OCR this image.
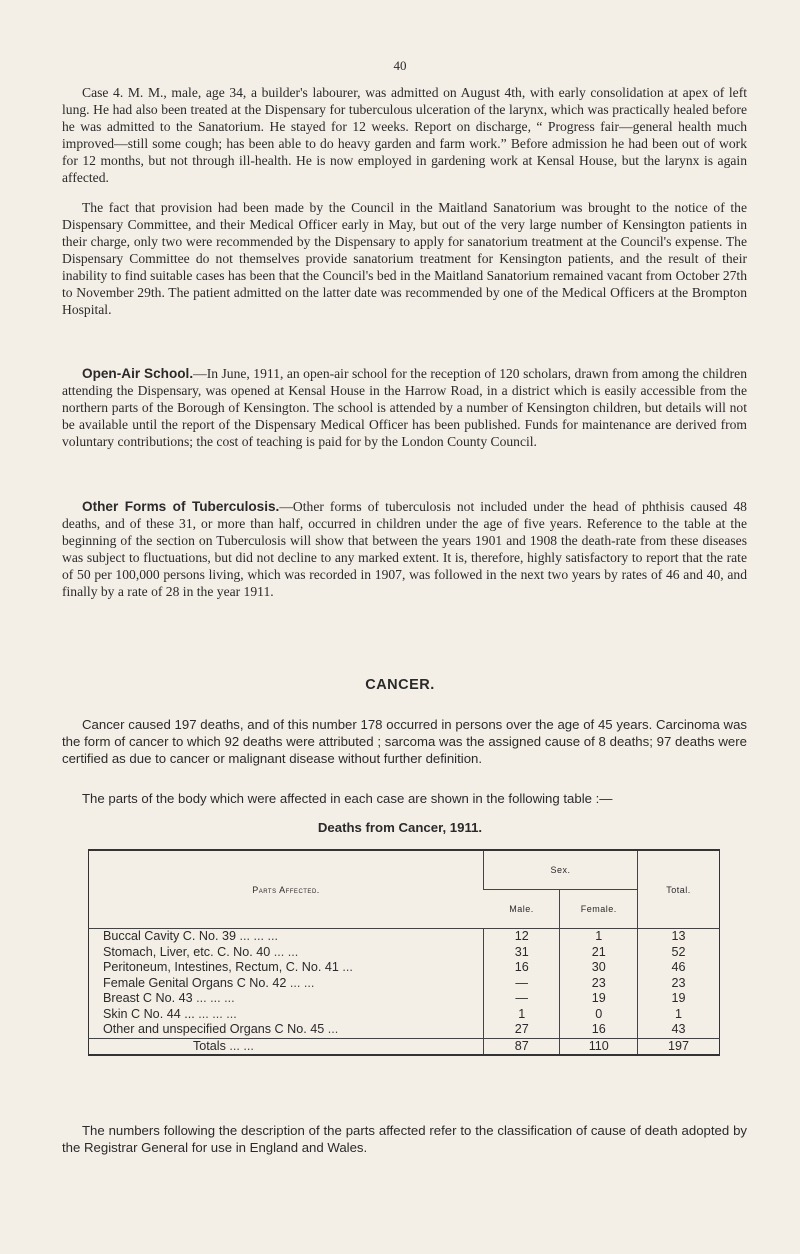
40

Case 4. M. M., male, age 34, a builder's labourer, was admitted on August 4th, with early consolidation at apex of left lung. He had also been treated at the Dispensary for tuberculous ulceration of the larynx, which was practically healed before he was admitted to the Sanatorium. He stayed for 12 weeks. Report on discharge, “ Progress fair—general health much improved—still some cough; has been able to do heavy garden and farm work.” Before admission he had been out of work for 12 months, but not through ill-health. He is now employed in gardening work at Kensal House, but the larynx is again affected.

The fact that provision had been made by the Council in the Maitland Sanatorium was brought to the notice of the Dispensary Committee, and their Medical Officer early in May, but out of the very large number of Kensington patients in their charge, only two were recommended by the Dispensary to apply for sanatorium treatment at the Council's expense. The Dispensary Committee do not themselves provide sanatorium treatment for Kensington patients, and the result of their inability to find suitable cases has been that the Council's bed in the Maitland Sanatorium remained vacant from October 27th to November 29th. The patient admitted on the latter date was recommended by one of the Medical Officers at the Brompton Hospital.

Open-Air School.—In June, 1911, an open-air school for the reception of 120 scholars, drawn from among the children attending the Dispensary, was opened at Kensal House in the Harrow Road, in a district which is easily accessible from the northern parts of the Borough of Kensington. The school is attended by a number of Kensington children, but details will not be available until the report of the Dispensary Medical Officer has been published. Funds for maintenance are derived from voluntary contributions; the cost of teaching is paid for by the London County Council.

Other Forms of Tuberculosis.—Other forms of tuberculosis not included under the head of phthisis caused 48 deaths, and of these 31, or more than half, occurred in children under the age of five years. Reference to the table at the beginning of the section on Tuberculosis will show that between the years 1901 and 1908 the death-rate from these diseases was subject to fluctuations, but did not decline to any marked extent. It is, therefore, highly satisfactory to report that the rate of 50 per 100,000 persons living, which was recorded in 1907, was followed in the next two years by rates of 46 and 40, and finally by a rate of 28 in the year 1911.

CANCER.

Cancer caused 197 deaths, and of this number 178 occurred in persons over the age of 45 years. Carcinoma was the form of cancer to which 92 deaths were attributed ; sarcoma was the assigned cause of 8 deaths; 97 deaths were certified as due to cancer or malignant disease without further definition.

The parts of the body which were affected in each case are shown in the following table :—

Deaths from Cancer, 1911.
Parts Affected.	Sex.		Total.
	Male.	Female.	
Buccal Cavity C. No. 39 ... ... ...	12	1	13
Stomach, Liver, etc. C. No. 40 ... ...	31	21	52
Peritoneum, Intestines, Rectum, C. No. 41 ...	16	30	46
Female Genital Organs C No. 42 ... ...	—	23	23
Breast C No. 43 ... ... ...	—	19	19
Skin C No. 44 ... ... ... ...	1	0	1
Other and unspecified Organs C No. 45 ...	27	16	43
Totals ... ...	87	110	197

The numbers following the description of the parts affected refer to the classification of cause of death adopted by the Registrar General for use in England and Wales.
